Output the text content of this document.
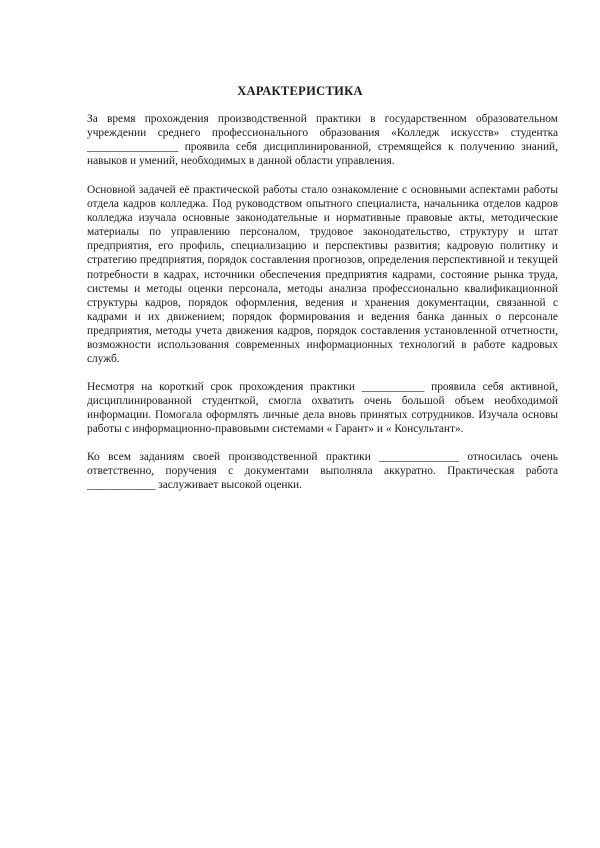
ХАРАКТЕРИСТИКА

За время прохождения производственной практики в государственном образовательном учреждении среднего профессионального образования «Колледж искусств» студентка ________________ проявила себя дисциплинированной, стремящейся к получению знаний, навыков и умений, необходимых в данной области управления.

Основной задачей её практической работы стало ознакомление с основными аспектами работы отдела кадров колледжа. Под руководством опытного специалиста, начальника отделов кадров колледжа изучала основные законодательные и нормативные правовые акты, методические материалы по управлению персоналом, трудовое законодательство, структуру и штат предприятия, его профиль, специализацию и перспективы развития; кадровую политику и стратегию предприятия, порядок составления прогнозов, определения перспективной и текущей потребности в кадрах, источники обеспечения предприятия кадрами, состояние рынка труда, системы и методы оценки персонала, методы анализа профессионально квалификационной структуры кадров, порядок оформления, ведения и хранения документации, связанной с кадрами и их движением; порядок формирования и ведения банка данных о персонале предприятия, методы учета движения кадров, порядок составления установленной отчетности, возможности использования современных информационных технологий в работе кадровых служб.

Несмотря на короткий срок прохождения практики ___________ проявила себя активной, дисциплинированной студенткой, смогла охватить очень большой объем необходимой информации. Помогала оформлять личные дела вновь принятых сотрудников. Изучала основы работы с информационно-правовыми системами « Гарант» и « Консультант».

Ко всем заданиям своей производственной практики ______________ относилась очень ответственно, поручения с документами выполняла аккуратно. Практическая работа ____________ заслуживает высокой оценки.
